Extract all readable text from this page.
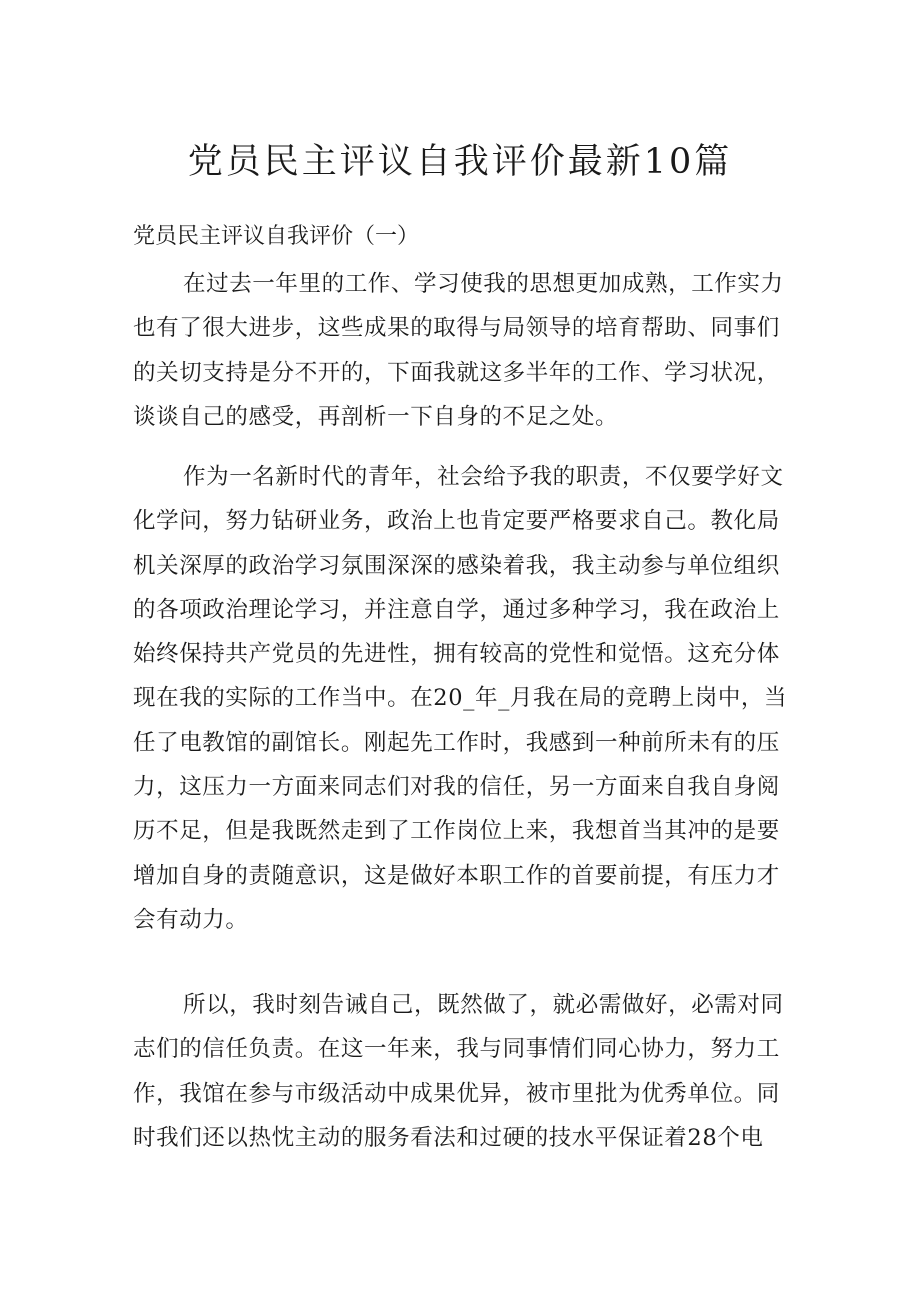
党员民主评议自我评价最新10篇
党员民主评议自我评价（一）

在过去一年里的工作、学习使我的思想更加成熟，工作实力
也有了很大进步，这些成果的取得与局领导的培育帮助、同事们
的关切支持是分不开的，下面我就这多半年的工作、学习状况，
谈谈自己的感受，再剖析一下自身的不足之处。

作为一名新时代的青年，社会给予我的职责，不仅要学好文
化学问，努力钻研业务，政治上也肯定要严格要求自己。教化局
机关深厚的政治学习氛围深深的感染着我，我主动参与单位组织
的各项政治理论学习，并注意自学，通过多种学习，我在政治上
始终保持共产党员的先进性，拥有较高的党性和觉悟。这充分体
现在我的实际的工作当中。在20_年_月我在局的竞聘上岗中，当
任了电教馆的副馆长。刚起先工作时，我感到一种前所未有的压
力，这压力一方面来同志们对我的信任，另一方面来自我自身阅
历不足，但是我既然走到了工作岗位上来，我想首当其冲的是要
增加自身的责随意识，这是做好本职工作的首要前提，有压力才
会有动力。

所以，我时刻告诫自己，既然做了，就必需做好，必需对同
志们的信任负责。在这一年来，我与同事情们同心协力，努力工
作，我馆在参与市级活动中成果优异，被市里批为优秀单位。同
时我们还以热忱主动的服务看法和过硬的技水平保证着28个电
